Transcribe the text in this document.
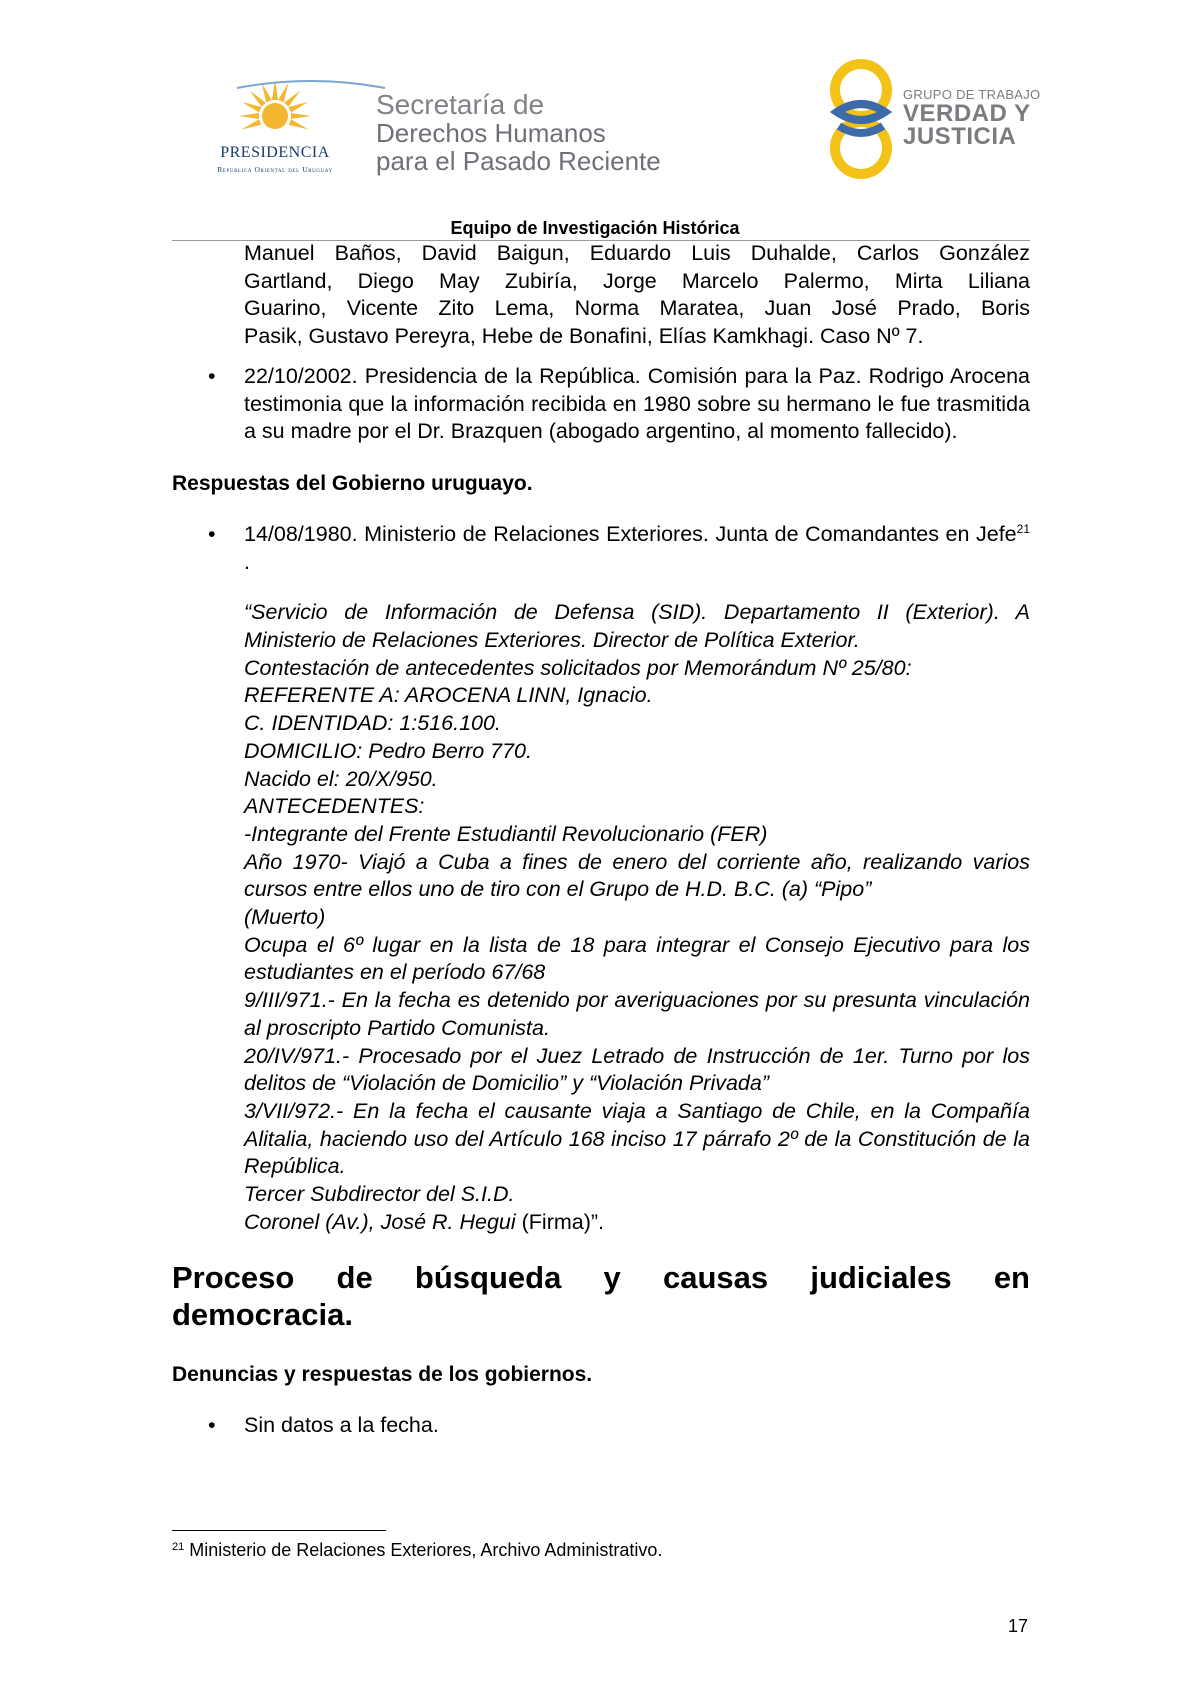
PRESIDENCIA
República Oriental del Uruguay
Secretaría de
Derechos Humanos
para el Pasado Reciente
GRUPO DE TRABAJO
VERDAD Y
JUSTICIA
Equipo de Investigación Histórica
Manuel Baños, David Baigun, Eduardo Luis Duhalde, Carlos González
Gartland, Diego May Zubiría, Jorge Marcelo Palermo, Mirta Liliana
Guarino, Vicente Zito Lema, Norma Maratea, Juan José Prado, Boris
Pasik, Gustavo Pereyra, Hebe de Bonafini, Elías Kamkhagi. Caso Nº 7.
• 22/10/2002. Presidencia de la República. Comisión para la Paz. Rodrigo Arocena testimonia que la información recibida en 1980 sobre su hermano le fue trasmitida a su madre por el Dr. Brazquen (abogado argentino, al momento fallecido).
Respuestas del Gobierno uruguayo.
• 14/08/1980. Ministerio de Relaciones Exteriores. Junta de Comandantes en Jefe$^{21}$ .
“Servicio de Información de Defensa (SID). Departamento II (Exterior). A Ministerio de Relaciones Exteriores. Director de Política Exterior.
Contestación de antecedentes solicitados por Memorándum Nº 25/80:
REFERENTE A: AROCENA LINN, Ignacio.
C. IDENTIDAD: 1:516.100.
DOMICILIO: Pedro Berro 770.
Nacido el: 20/X/950.
ANTECEDENTES:
-Integrante del Frente Estudiantil Revolucionario (FER)
Año 1970- Viajó a Cuba a fines de enero del corriente año, realizando varios cursos entre ellos uno de tiro con el Grupo de H.D. B.C. (a) “Pipo”
(Muerto)
Ocupa el 6º lugar en la lista de 18 para integrar el Consejo Ejecutivo para los estudiantes en el período 67/68
9/III/971.- En la fecha es detenido por averiguaciones por su presunta vinculación al proscripto Partido Comunista.
20/IV/971.- Procesado por el Juez Letrado de Instrucción de 1er. Turno por los delitos de “Violación de Domicilio” y “Violación Privada”
3/VII/972.- En la fecha el causante viaja a Santiago de Chile, en la Compañía Alitalia, haciendo uso del Artículo 168 inciso 17 párrafo 2º de la Constitución de la República.
Tercer Subdirector del S.I.D.
Coronel (Av.), José R. Hegui (Firma)”.
Proceso de búsqueda y causas judiciales en
democracia.
Denuncias y respuestas de los gobiernos.
• Sin datos a la fecha.
$^{21}$ Ministerio de Relaciones Exteriores, Archivo Administrativo.
17
